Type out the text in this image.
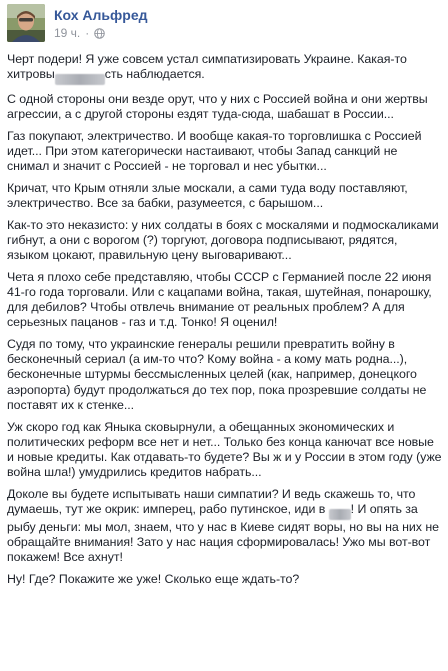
Кох Альфред
19 ч. ·

Черт подери! Я уже совсем устал симпатизировать Украине. Какая-то хитровы	сть наблюдается.

С одной стороны они везде орут, что у них с Россией война и они жертвы агрессии, а с другой стороны ездят туда-сюда, шабашат в России...

Газ покупают, электричество. И вообще какая-то торговлишка с Россией идет... При этом категорически настаивают, чтобы Запад санкций не снимал и значит с Россией - не торговал и нес убытки...

Кричат, что Крым отняли злые москали, а сами туда воду поставляют, электричество. Все за бабки, разумеется, с барышом...

Как-то это неказисто: у них солдаты в боях с москалями и подмоскаликами гибнут, а они с ворогом (?) торгуют, договора подписывают, рядятся, языком цокают, правильную цену выговаривают...

Чета я плохо себе представляю, чтобы СССР с Германией после 22 июня 41-го года торговали. Или с кацапами война, такая, шутейная, понарошку, для дебилов? Чтобы отвлечь внимание от реальных проблем? А для серьезных пацанов - газ и т.д. Тонко! Я оценил!

Судя по тому, что украинские генералы решили превратить войну в бесконечный сериал (а им-то что? Кому война - а кому мать родна...), бесконечные штурмы бессмысленных целей (как, например, донецкого аэропорта) будут продолжаться до тех пор, пока прозревшие солдаты не поставят их к стенке...

Уж скоро год как Яныка сковырнули, а обещанных экономических и политических реформ все нет и нет... Только без конца канючат все новые и новые кредиты. Как отдавать-то будете? Вы ж и у России в этом году (уже война шла!) умудрились кредитов набрать...

Доколе вы будете испытывать наши симпатии? И ведь скажешь то, что думаешь, тут же окрик: имперец, рабо путинское, иди в ! И опять за рыбу деньги: мы мол, знаем, что у нас в Киеве сидят воры, но вы на них не обращайте внимания! Зато у нас нация сформировалась! Ужо мы вот-вот покажем! Все ахнут!

Ну! Где? Покажите же уже! Сколько еще ждать-то?
